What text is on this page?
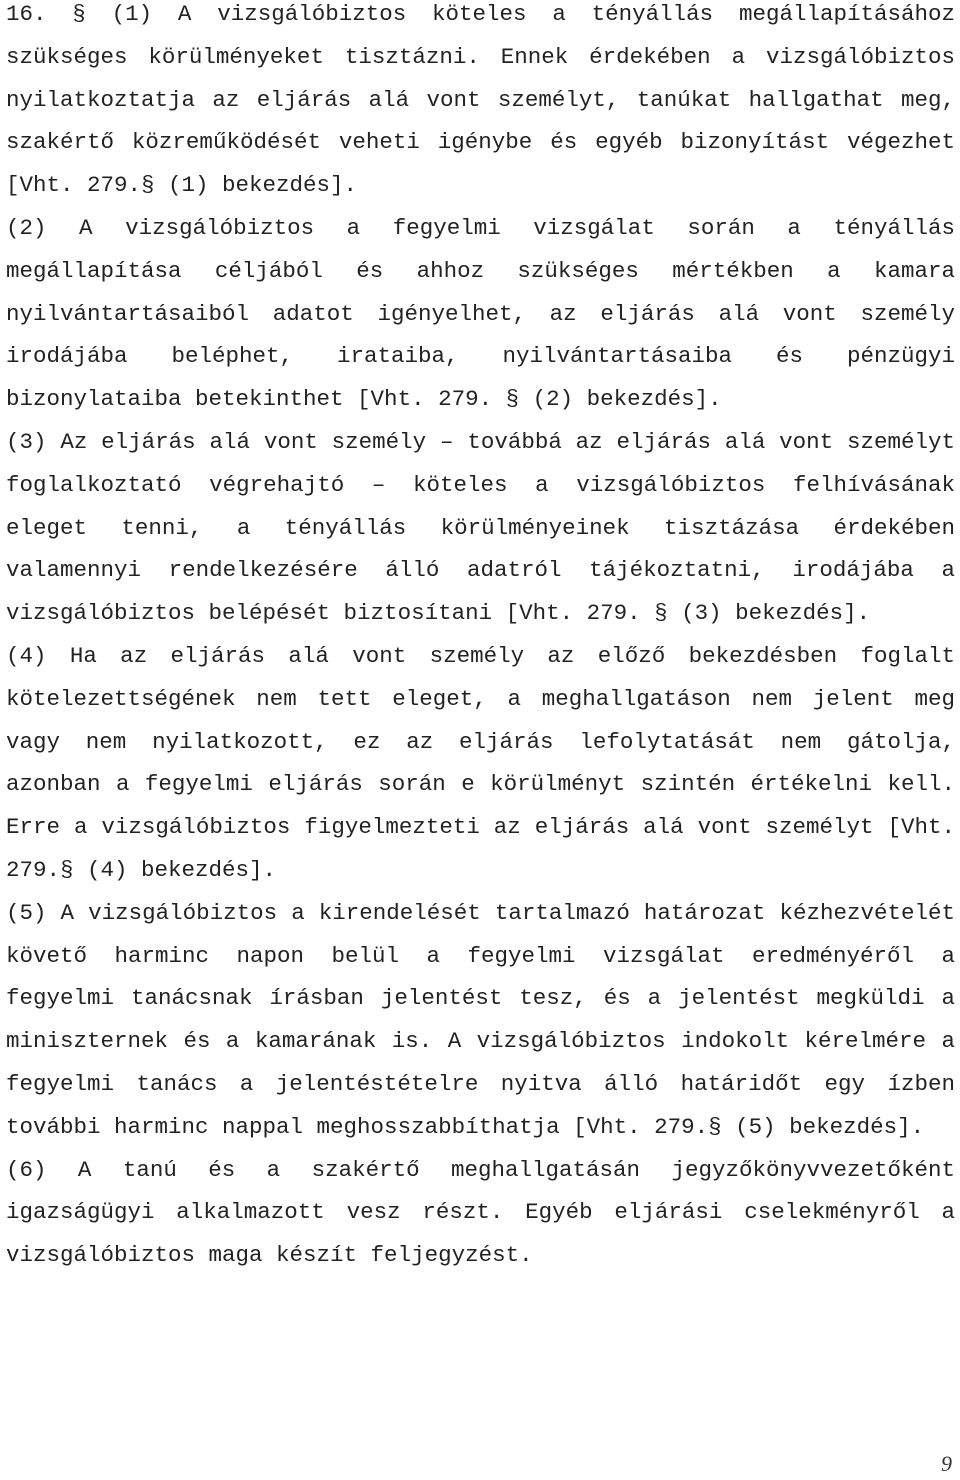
16. § (1) A vizsgálóbiztos köteles a tényállás megállapításához szükséges körülményeket tisztázni. Ennek érdekében a vizsgálóbiztos nyilatkoztatja az eljárás alá vont személyt, tanúkat hallgathat meg, szakértő közreműködését veheti igénybe és egyéb bizonyítást végezhet [Vht. 279.§ (1) bekezdés].

(2) A vizsgálóbiztos a fegyelmi vizsgálat során a tényállás megállapítása céljából és ahhoz szükséges mértékben a kamara nyilvántartásaiból adatot igényelhet, az eljárás alá vont személy irodájába beléphet, irataiba, nyilvántartásaiba és pénzügyi bizonylataiba betekinthet [Vht. 279. § (2) bekezdés].

(3) Az eljárás alá vont személy – továbbá az eljárás alá vont személyt foglalkoztató végrehajtó – köteles a vizsgálóbiztos felhívásának eleget tenni, a tényállás körülményeinek tisztázása érdekében valamennyi rendelkezésére álló adatról tájékoztatni, irodájába a vizsgálóbiztos belépését biztosítani [Vht. 279. § (3) bekezdés].

(4) Ha az eljárás alá vont személy az előző bekezdésben foglalt kötelezettségének nem tett eleget, a meghallgatáson nem jelent meg vagy nem nyilatkozott, ez az eljárás lefolytatását nem gátolja, azonban a fegyelmi eljárás során e körülményt szintén értékelni kell. Erre a vizsgálóbiztos figyelmezteti az eljárás alá vont személyt [Vht. 279.§ (4) bekezdés].

(5) A vizsgálóbiztos a kirendelését tartalmazó határozat kézhezvételét követő harminc napon belül a fegyelmi vizsgálat eredményéről a fegyelmi tanácsnak írásban jelentést tesz, és a jelentést megküldi a miniszternek és a kamarának is. A vizsgálóbiztos indokolt kérelmére a fegyelmi tanács a jelentéstételre nyitva álló határidőt egy ízben további harminc nappal meghosszabbíthatja [Vht. 279.§ (5) bekezdés].

(6) A tanú és a szakértő meghallgatásán jegyzőkönyvvezetőként igazságügyi alkalmazott vesz részt. Egyéb eljárási cselekményről a vizsgálóbiztos maga készít feljegyzést.

9
